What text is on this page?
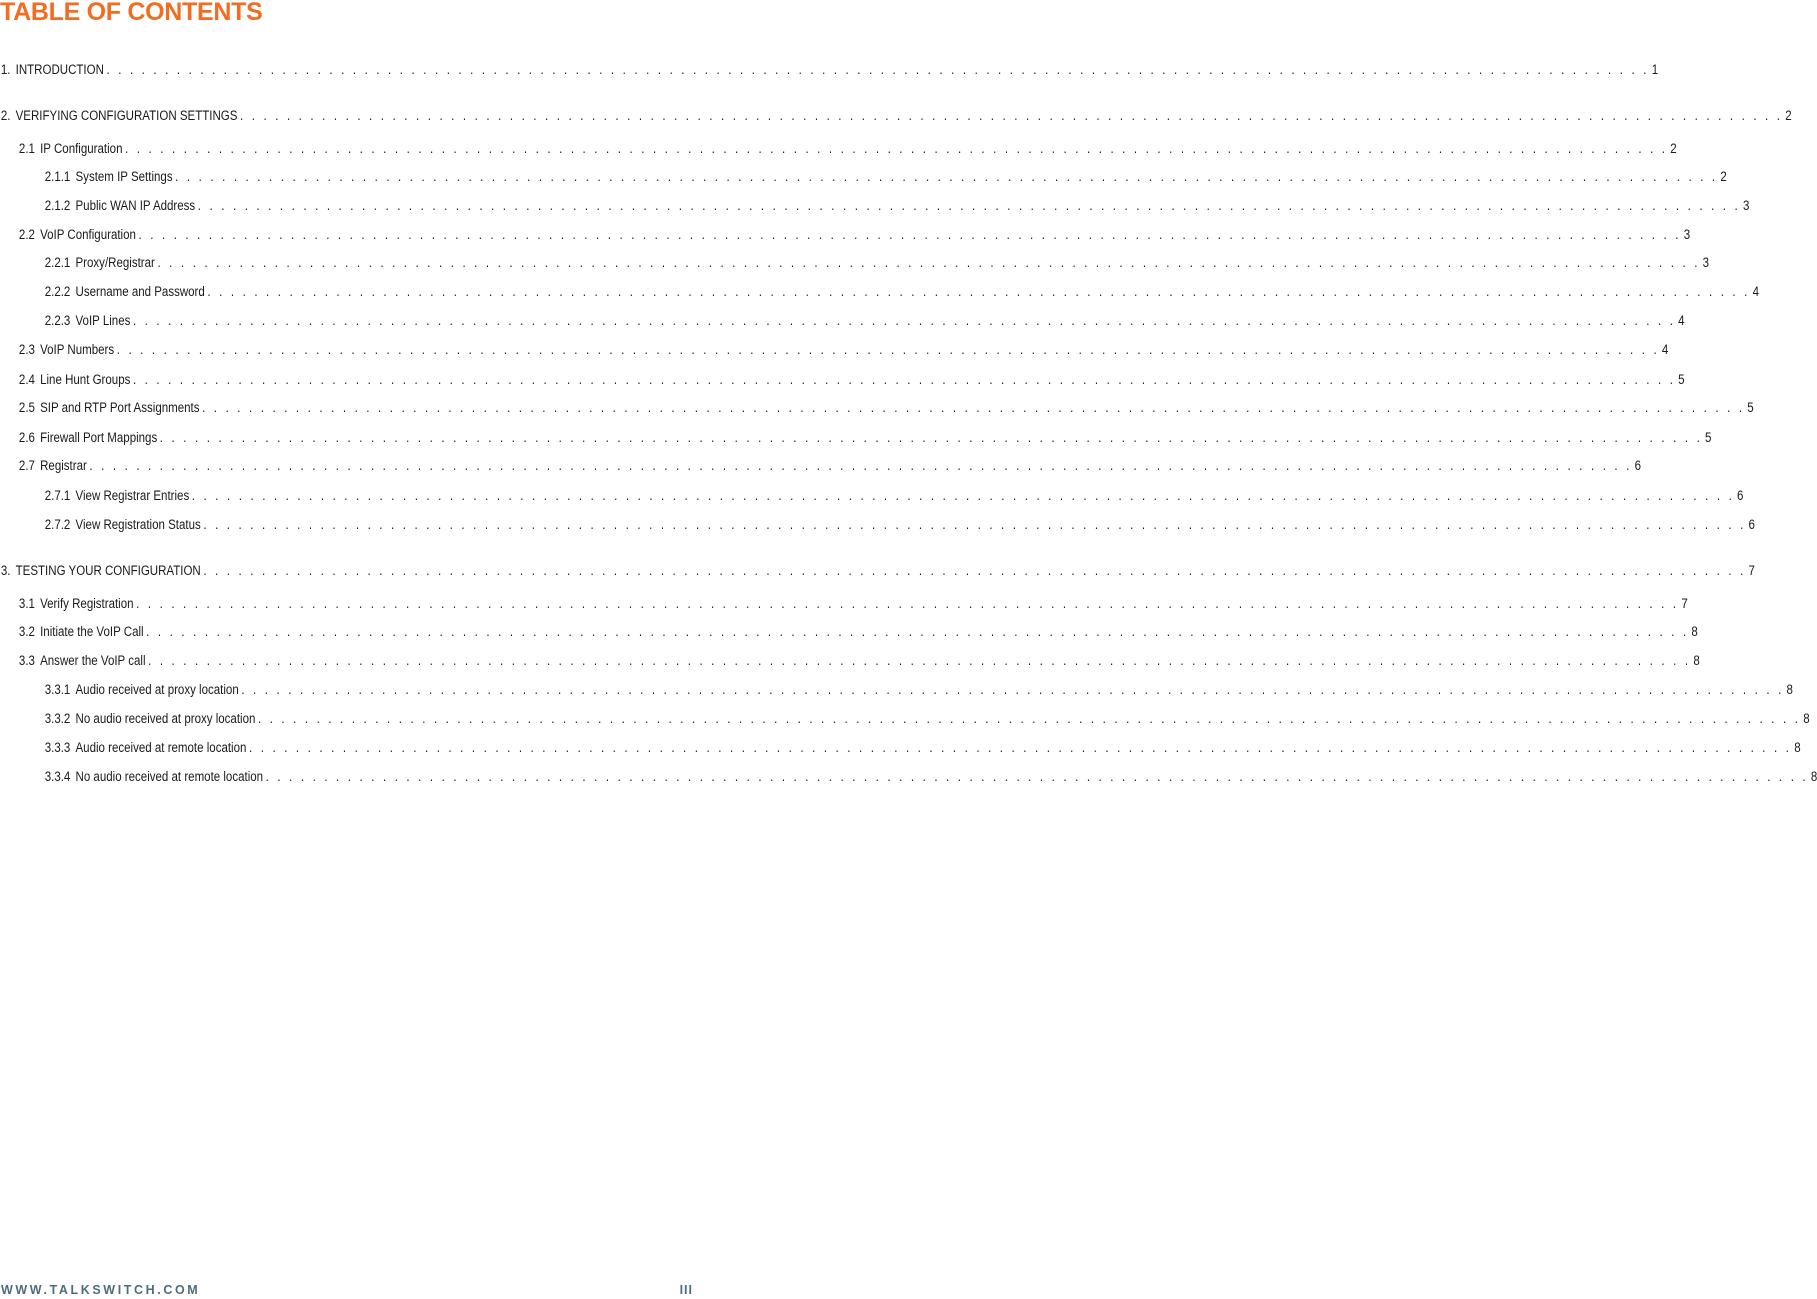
TABLE OF CONTENTS
1. INTRODUCTION . . .	1
2. VERIFYING CONFIGURATION SETTINGS . . .	2
2.1 IP Configuration . . .	2
2.1.1 System IP Settings . . .	2
2.1.2 Public WAN IP Address . . .	3
2.2 VoIP Configuration . . .	3
2.2.1 Proxy/Registrar . . .	3
2.2.2 Username and Password . . .	4
2.2.3 VoIP Lines . . .	4
2.3 VoIP Numbers . . .	4
2.4 Line Hunt Groups . . .	5
2.5 SIP and RTP Port Assignments . . .	5
2.6 Firewall Port Mappings . . .	5
2.7 Registrar . . .	6
2.7.1 View Registrar Entries . . .	6
2.7.2 View Registration Status . . .	6
3. TESTING YOUR CONFIGURATION . . .	7
3.1 Verify Registration . . .	7
3.2 Initiate the VoIP Call . . .	8
3.3 Answer the VoIP call . . .	8
3.3.1 Audio received at proxy location . . .	8
3.3.2 No audio received at proxy location . . .	8
3.3.3 Audio received at remote location . . .	8
3.3.4 No audio received at remote location . . .	8
WWW.TALKSWITCH.COM	III
